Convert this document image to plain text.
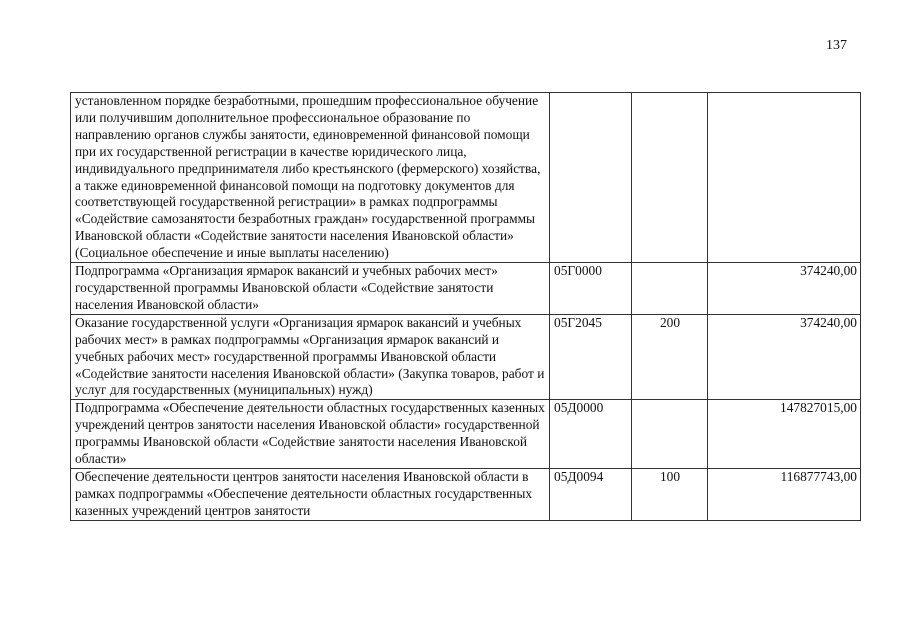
137
установленном порядке безработными, прошедшим профессиональное обучение или получившим дополнительное профессиональное образование по направлению органов службы занятости, единовременной финансовой помощи при их государственной регистрации в качестве юридического лица, индивидуального предпринимателя либо крестьянского (фермерского) хозяйства, а также единовременной финансовой помощи на подготовку документов для соответствующей государственной регистрации» в рамках подпрограммы «Содействие самозанятости безработных граждан» государственной программы Ивановской области «Содействие занятости населения Ивановской области» (Социальное обеспечение и иные выплаты населению)			
Подпрограмма «Организация ярмарок вакансий и учебных рабочих мест» государственной программы Ивановской области «Содействие занятости населения Ивановской области»	05Г0000		374240,00
Оказание государственной услуги «Организация ярмарок вакансий и учебных рабочих мест» в рамках подпрограммы «Организация ярмарок вакансий и учебных рабочих мест» государственной программы Ивановской области «Содействие занятости населения Ивановской области» (Закупка товаров, работ и услуг для государственных (муниципальных) нужд)	05Г2045	200	374240,00
Подпрограмма «Обеспечение деятельности областных государственных казенных учреждений центров занятости населения Ивановской области» государственной программы Ивановской области «Содействие занятости населения Ивановской области»	05Д0000		147827015,00
Обеспечение деятельности центров занятости населения Ивановской области в рамках подпрограммы «Обеспечение деятельности областных государственных казенных учреждений центров занятости	05Д0094	100	116877743,00
